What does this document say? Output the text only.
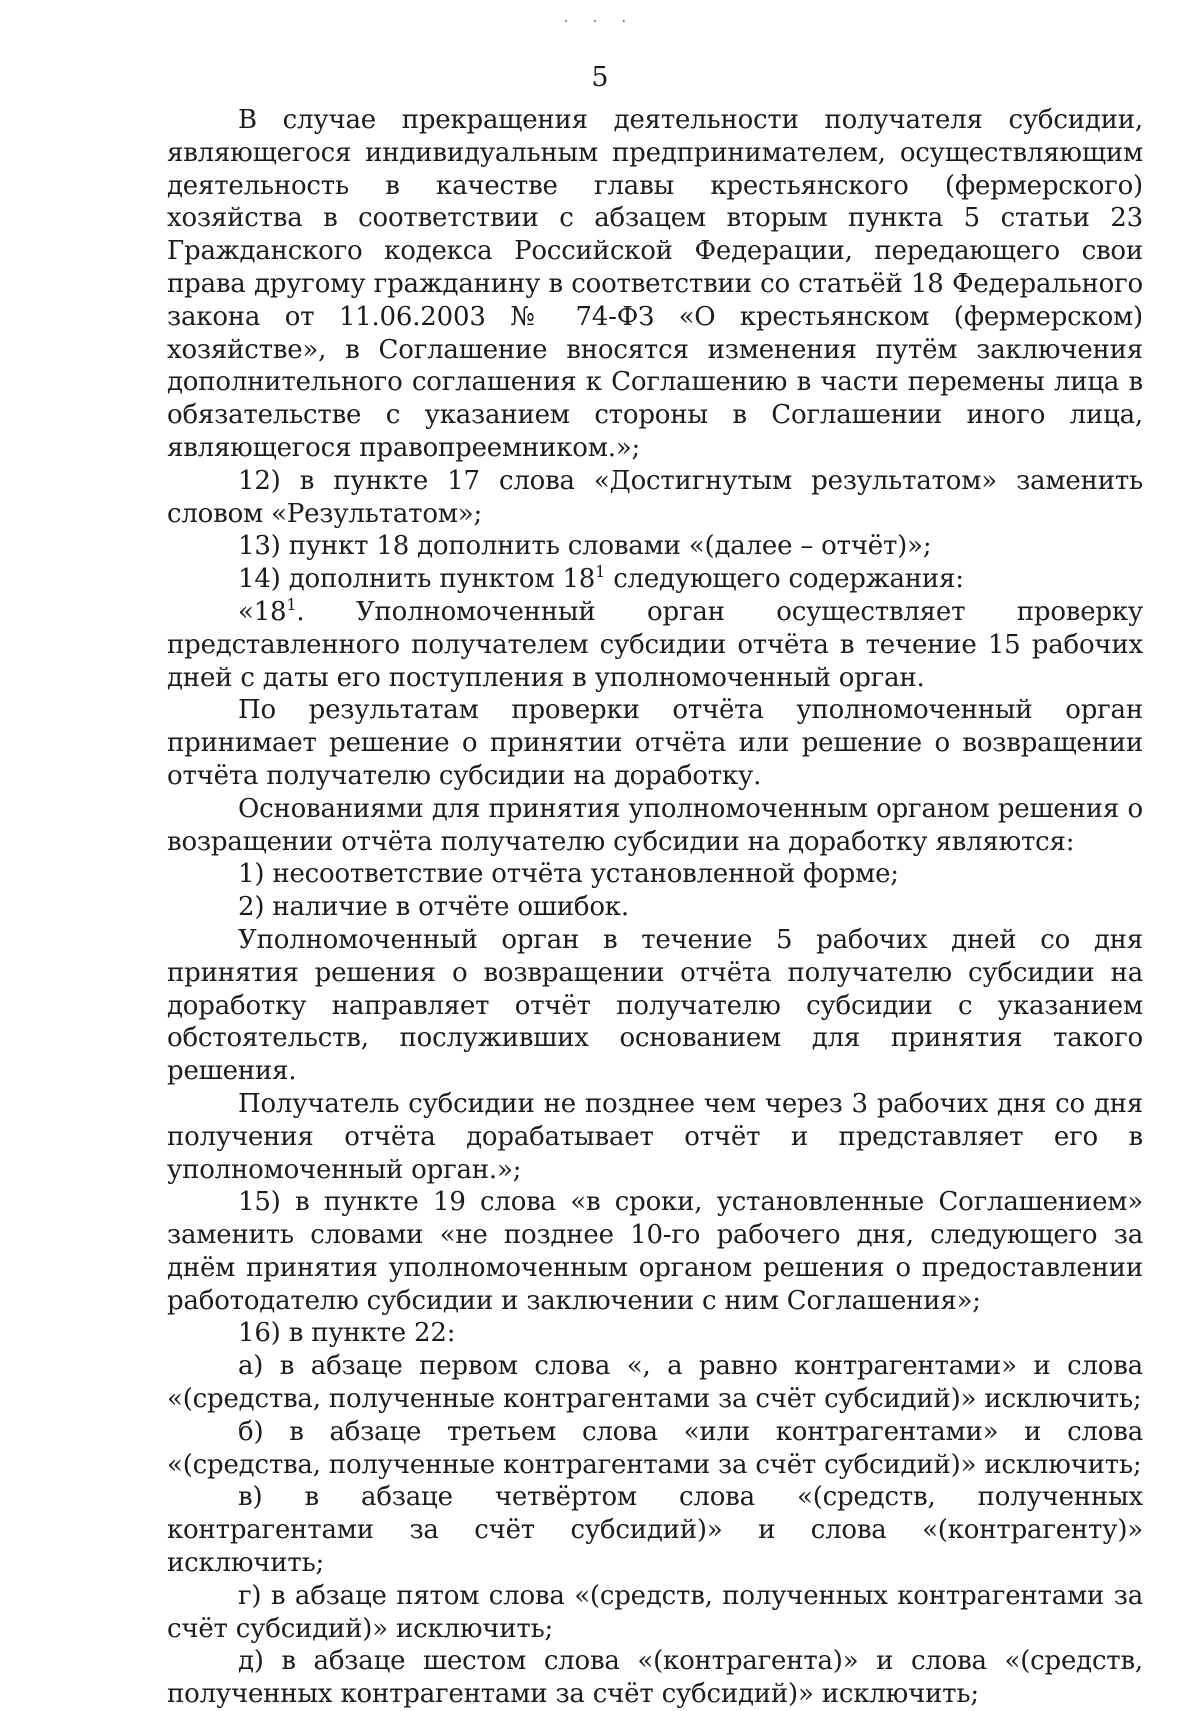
· · ·
5

В случае прекращения деятельности получателя субсидии, являющегося индивидуальным предпринимателем, осуществляющим деятельность в качестве главы крестьянского (фермерского) хозяйства в соответствии с абзацем вторым пункта 5 статьи 23 Гражданского кодекса Российской Федерации, передающего свои права другому гражданину в соответствии со статьёй 18 Федерального закона от 11.06.2003 № 74-ФЗ «О крестьянском (фермерском) хозяйстве», в Соглашение вносятся изменения путём заключения дополнительного соглашения к Соглашению в части перемены лица в обязательстве с указанием стороны в Соглашении иного лица, являющегося правопреемником.»;

12) в пункте 17 слова «Достигнутым результатом» заменить словом «Результатом»;

13) пункт 18 дополнить словами «(далее – отчёт)»;

14) дополнить пунктом $18^1$ следующего содержания:

«$18^1$. Уполномоченный орган осуществляет проверку представленного получателем субсидии отчёта в течение 15 рабочих дней с даты его поступления в уполномоченный орган.

По результатам проверки отчёта уполномоченный орган принимает решение о принятии отчёта или решение о возвращении отчёта получателю субсидии на доработку.

Основаниями для принятия уполномоченным органом решения о возращении отчёта получателю субсидии на доработку являются:

1) несоответствие отчёта установленной форме;

2) наличие в отчёте ошибок.

Уполномоченный орган в течение 5 рабочих дней со дня принятия решения о возвращении отчёта получателю субсидии на доработку направляет отчёт получателю субсидии с указанием обстоятельств, послуживших основанием для принятия такого решения.

Получатель субсидии не позднее чем через 3 рабочих дня со дня получения отчёта дорабатывает отчёт и представляет его в уполномоченный орган.»;

15) в пункте 19 слова «в сроки, установленные Соглашением» заменить словами «не позднее 10-го рабочего дня, следующего за днём принятия уполномоченным органом решения о предоставлении работодателю субсидии и заключении с ним Соглашения»;

16) в пункте 22:

а) в абзаце первом слова «, а равно контрагентами» и слова «(средства, полученные контрагентами за счёт субсидий)» исключить;

б) в абзаце третьем слова «или контрагентами» и слова «(средства, полученные контрагентами за счёт субсидий)» исключить;

в) в абзаце четвёртом слова «(средств, полученных контрагентами за счёт субсидий)» и слова «(контрагенту)» исключить;

г) в абзаце пятом слова «(средств, полученных контрагентами за счёт субсидий)» исключить;

д) в абзаце шестом слова «(контрагента)» и слова «(средств, полученных контрагентами за счёт субсидий)» исключить;
